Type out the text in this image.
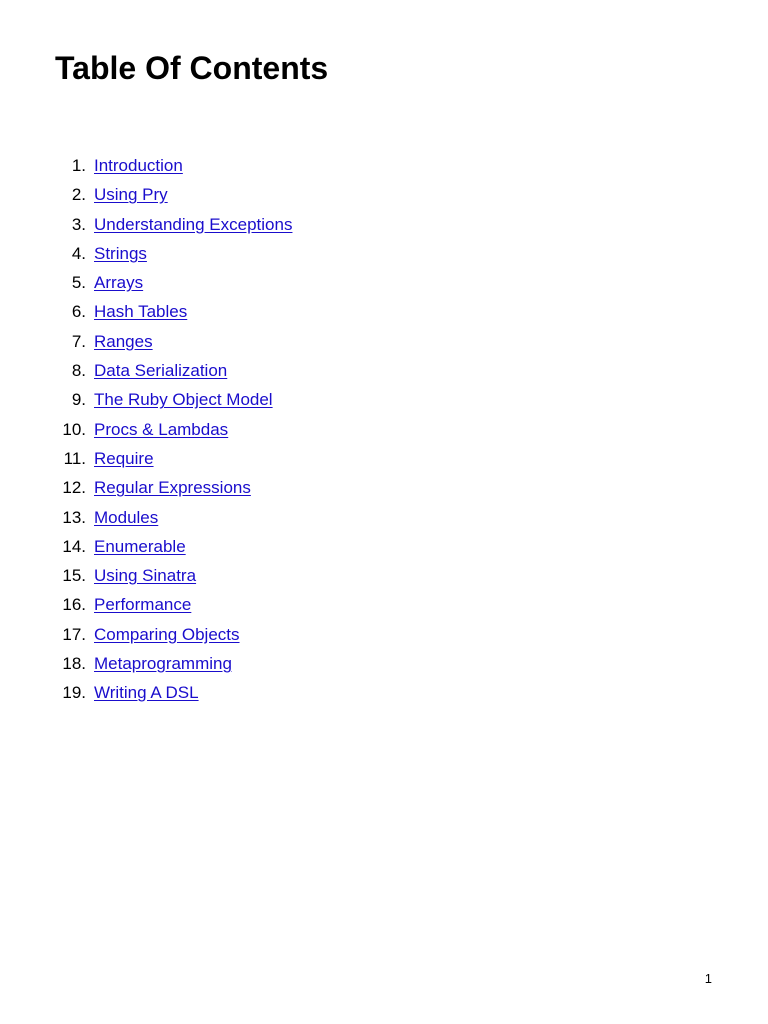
Table Of Contents
1. Introduction
2. Using Pry
3. Understanding Exceptions
4. Strings
5. Arrays
6. Hash Tables
7. Ranges
8. Data Serialization
9. The Ruby Object Model
10. Procs & Lambdas
11. Require
12. Regular Expressions
13. Modules
14. Enumerable
15. Using Sinatra
16. Performance
17. Comparing Objects
18. Metaprogramming
19. Writing A DSL
1
